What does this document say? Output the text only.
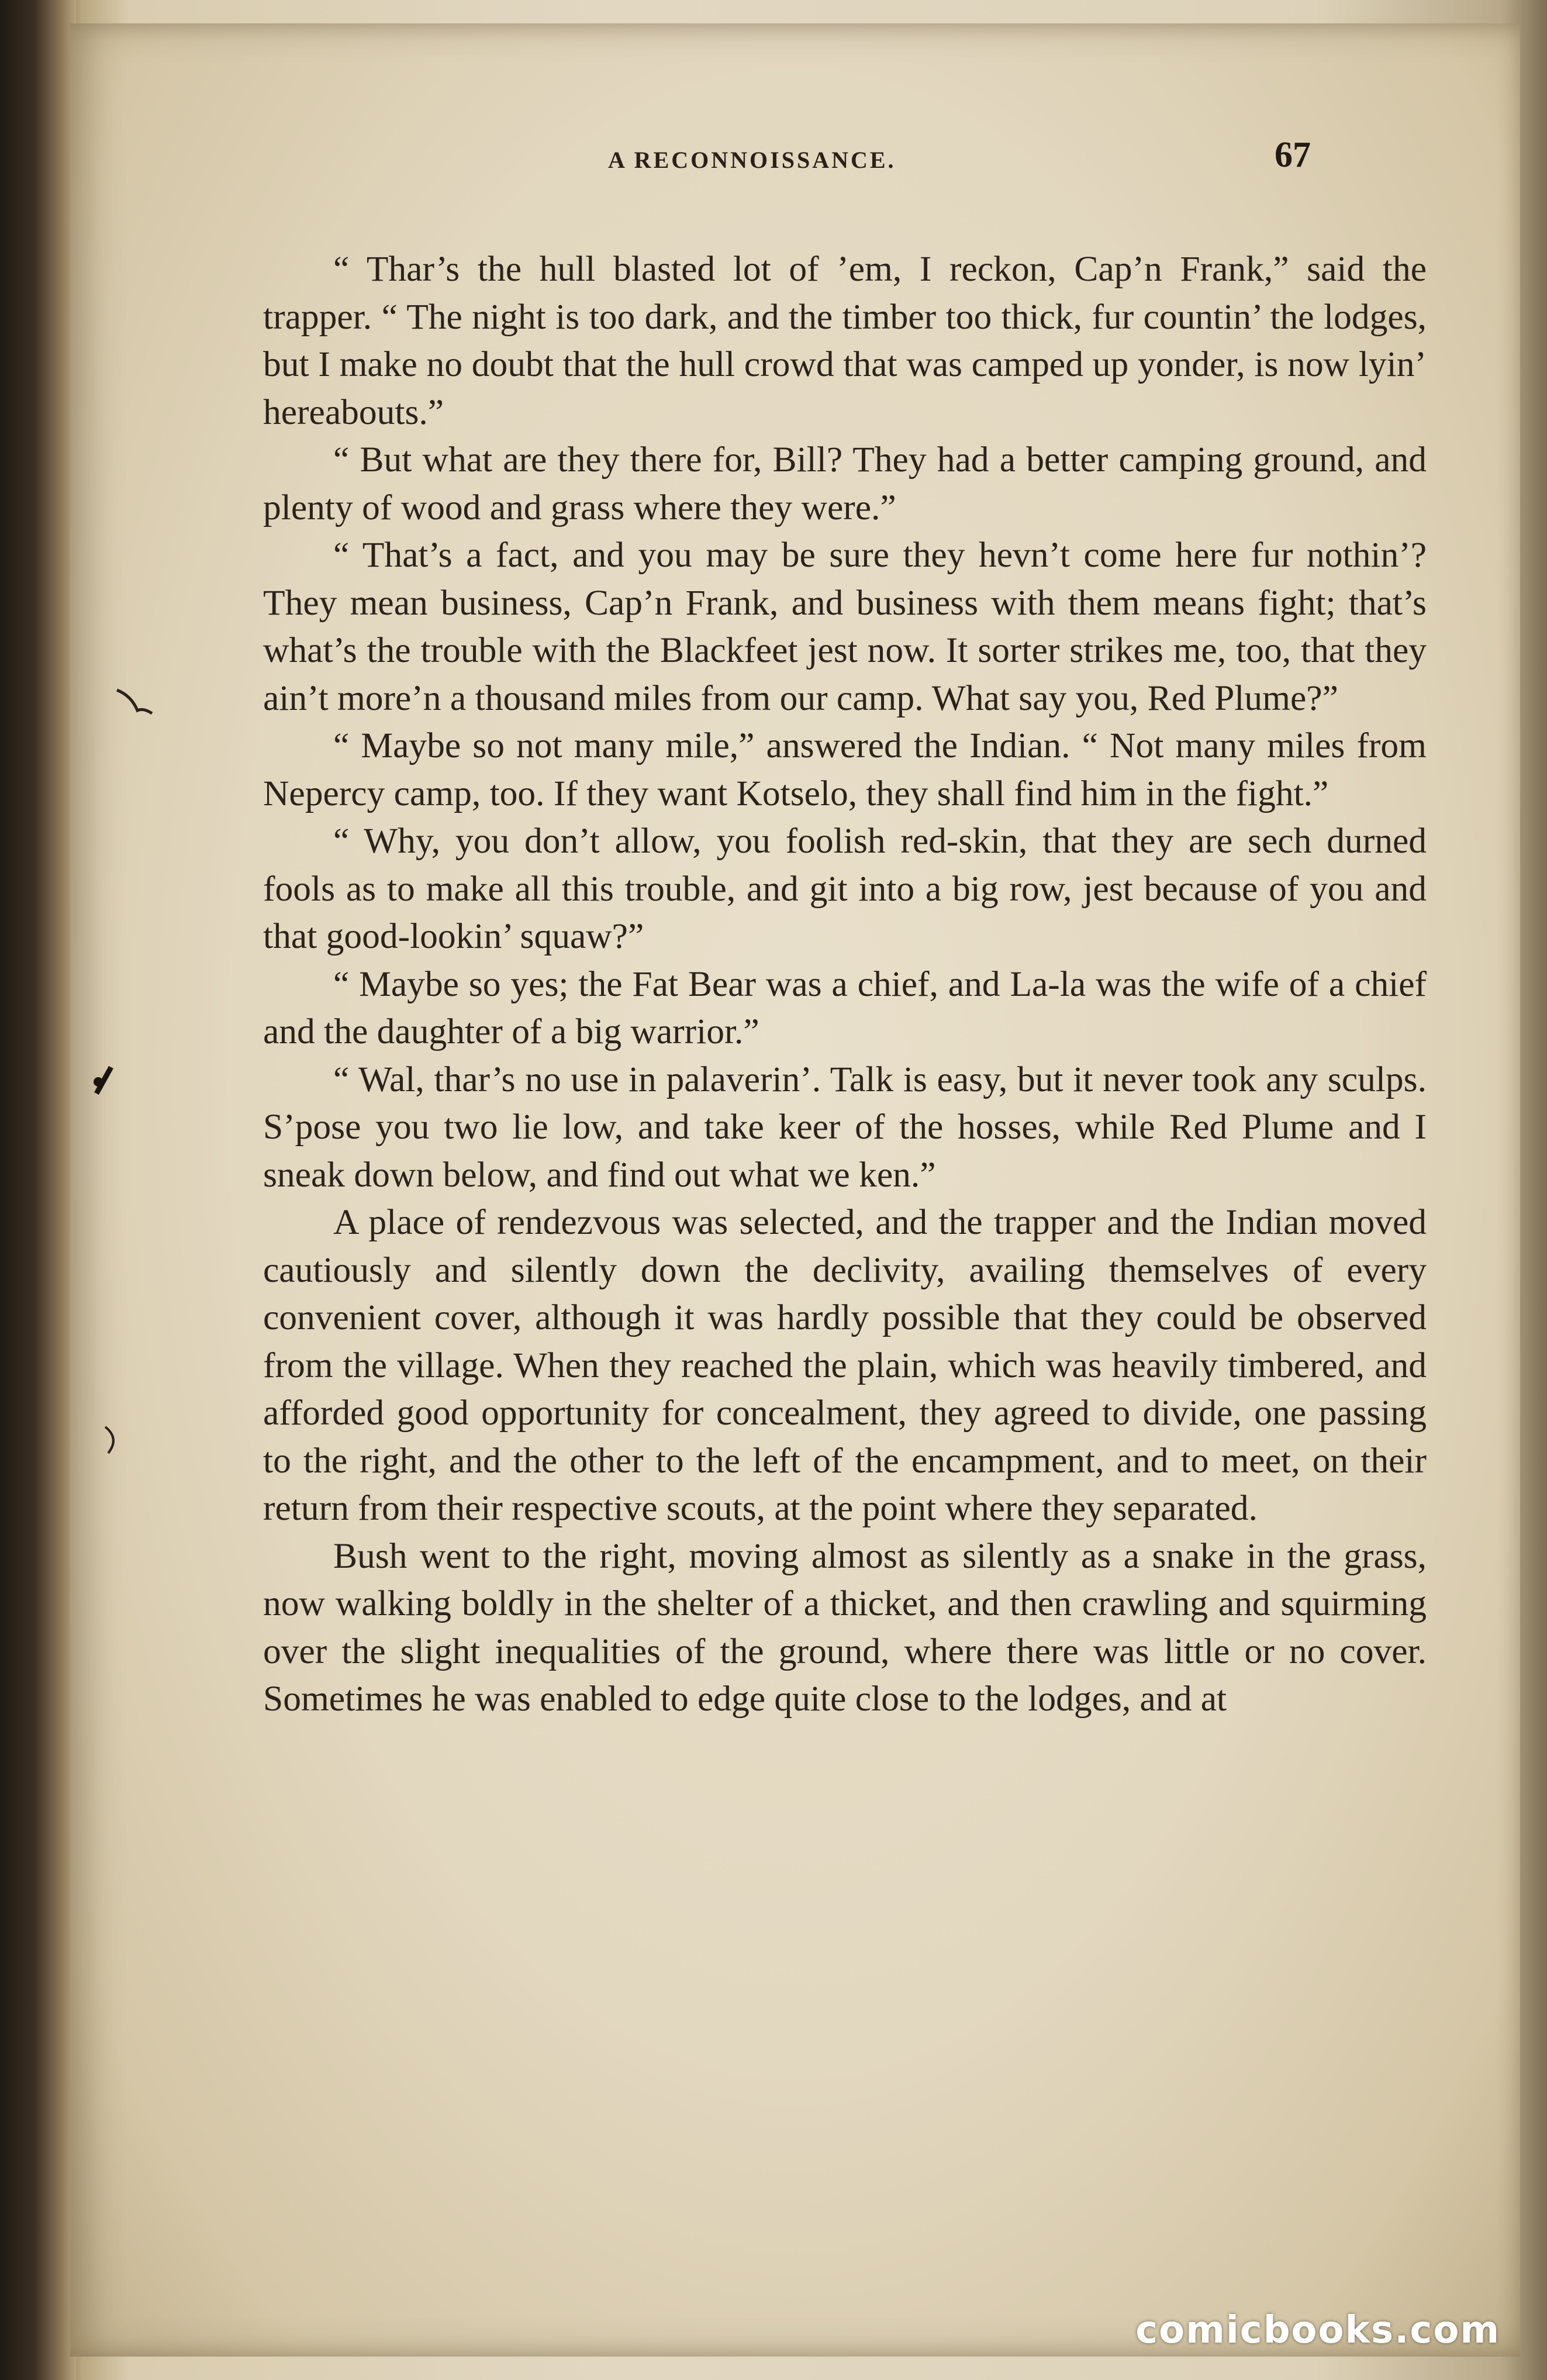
A RECONNOISSANCE.	67

“ Thar’s the hull blasted lot of ’em, I reckon, Cap’n Frank,” said the trapper. “ The night is too dark, and the timber too thick, fur countin’ the lodges, but I make no doubt that the hull crowd that was camped up yonder, is now lyin’ hereabouts.”

“ But what are they there for, Bill? They had a better camping ground, and plenty of wood and grass where they were.”

“ That’s a fact, and you may be sure they hevn’t come here fur nothin’? They mean business, Cap’n Frank, and business with them means fight; that’s what’s the trouble with the Blackfeet jest now. It sorter strikes me, too, that they ain’t more’n a thousand miles from our camp. What say you, Red Plume?”

“ Maybe so not many mile,” answered the Indian. “ Not many miles from Nepercy camp, too. If they want Kotselo, they shall find him in the fight.”

“ Why, you don’t allow, you foolish red-skin, that they are sech durned fools as to make all this trouble, and git into a big row, jest because of you and that good-lookin’ squaw?”

“ Maybe so yes; the Fat Bear was a chief, and La-la was the wife of a chief and the daughter of a big warrior.”

“ Wal, thar’s no use in palaverin’. Talk is easy, but it never took any sculps. S’pose you two lie low, and take keer of the hosses, while Red Plume and I sneak down below, and find out what we ken.”

A place of rendezvous was selected, and the trapper and the Indian moved cautiously and silently down the declivity, availing themselves of every convenient cover, although it was hardly possible that they could be observed from the village. When they reached the plain, which was heavily timbered, and afforded good opportunity for concealment, they agreed to divide, one passing to the right, and the other to the left of the encampment, and to meet, on their return from their respective scouts, at the point where they separated.

Bush went to the right, moving almost as silently as a snake in the grass, now walking boldly in the shelter of a thicket, and then crawling and squirming over the slight inequalities of the ground, where there was little or no cover. Sometimes he was enabled to edge quite close to the lodges, and at

comicbooks.com
